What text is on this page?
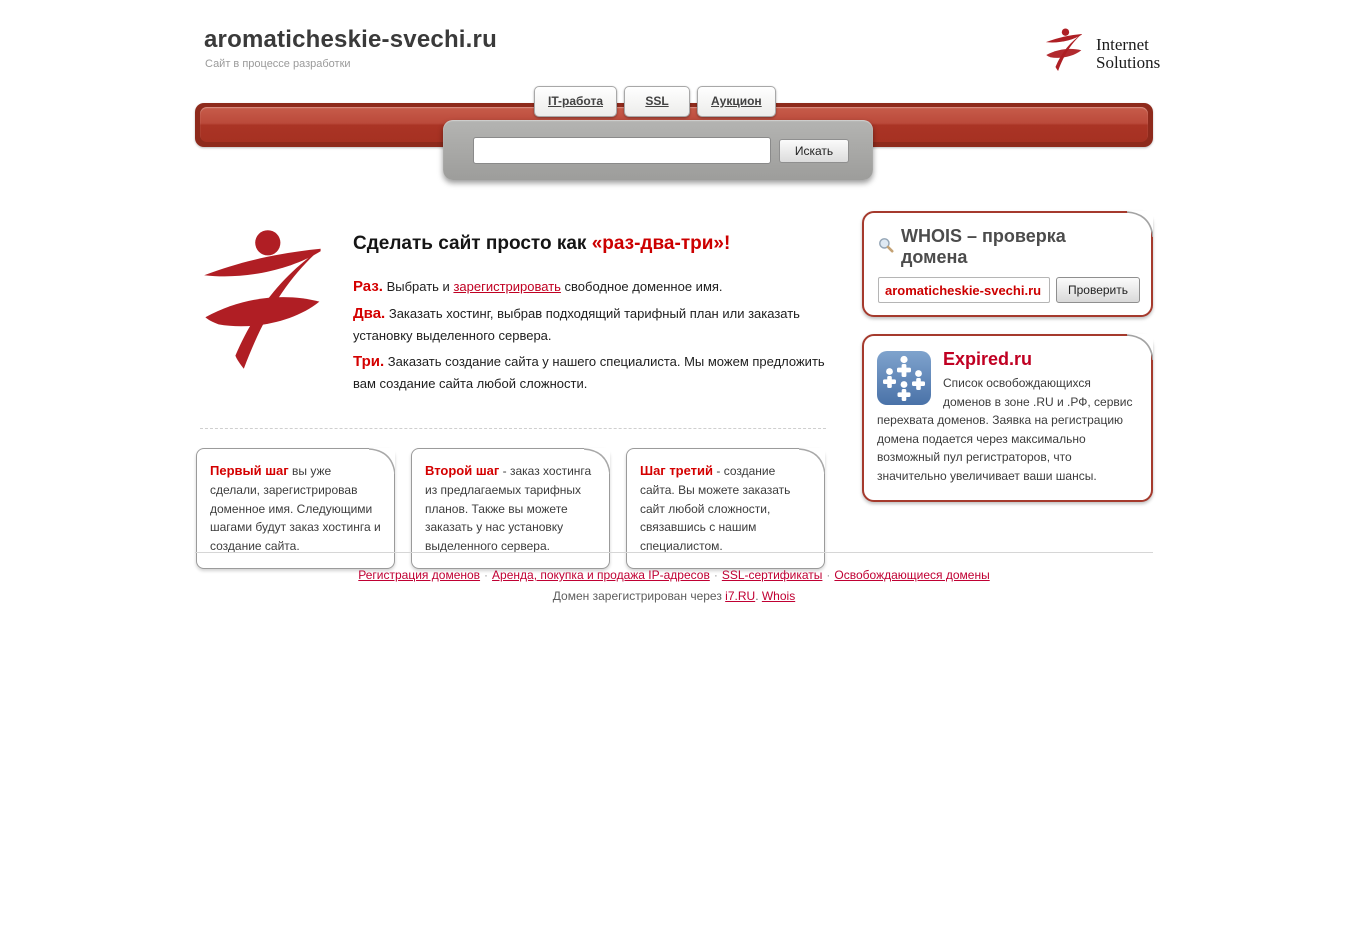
aromaticheskie-svechi.ru
Сайт в процессе разработки
Internet
Solutions
IT-работа	SSL	Аукцион
Искать
Сделать сайт просто как «раз-два-три»!

Раз. Выбрать и зарегистрировать свободное доменное имя.

Два. Заказать хостинг, выбрав подходящий тарифный план или заказать установку выделенного сервера.

Три. Заказать создание сайта у нашего специалиста. Мы можем предложить вам создание сайта любой сложности.

WHOIS – проверка домена
aromaticheskie-svechi.ru
Проверить
Expired.ru
Список освобождающихся доменов в зоне .RU и .РФ, сервис перехвата доменов. Заявка на регистрацию домена подается через максимально возможный пул регистраторов, что значительно увеличивает ваши шансы.
Первый шаг вы уже сделали, зарегистрировав доменное имя. Следующими шагами будут заказ хостинга и создание сайта.
Второй шаг - заказ хостинга из предлагаемых тарифных планов. Также вы можете заказать у нас установку выделенного сервера.
Шаг третий - создание сайта. Вы можете заказать сайт любой сложности, связавшись с нашим специалистом.
Регистрация доменов · Аренда, покупка и продажа IP-адресов · SSL-сертификаты · Освобождающиеся домены
Домен зарегистрирован через i7.RU. Whois
